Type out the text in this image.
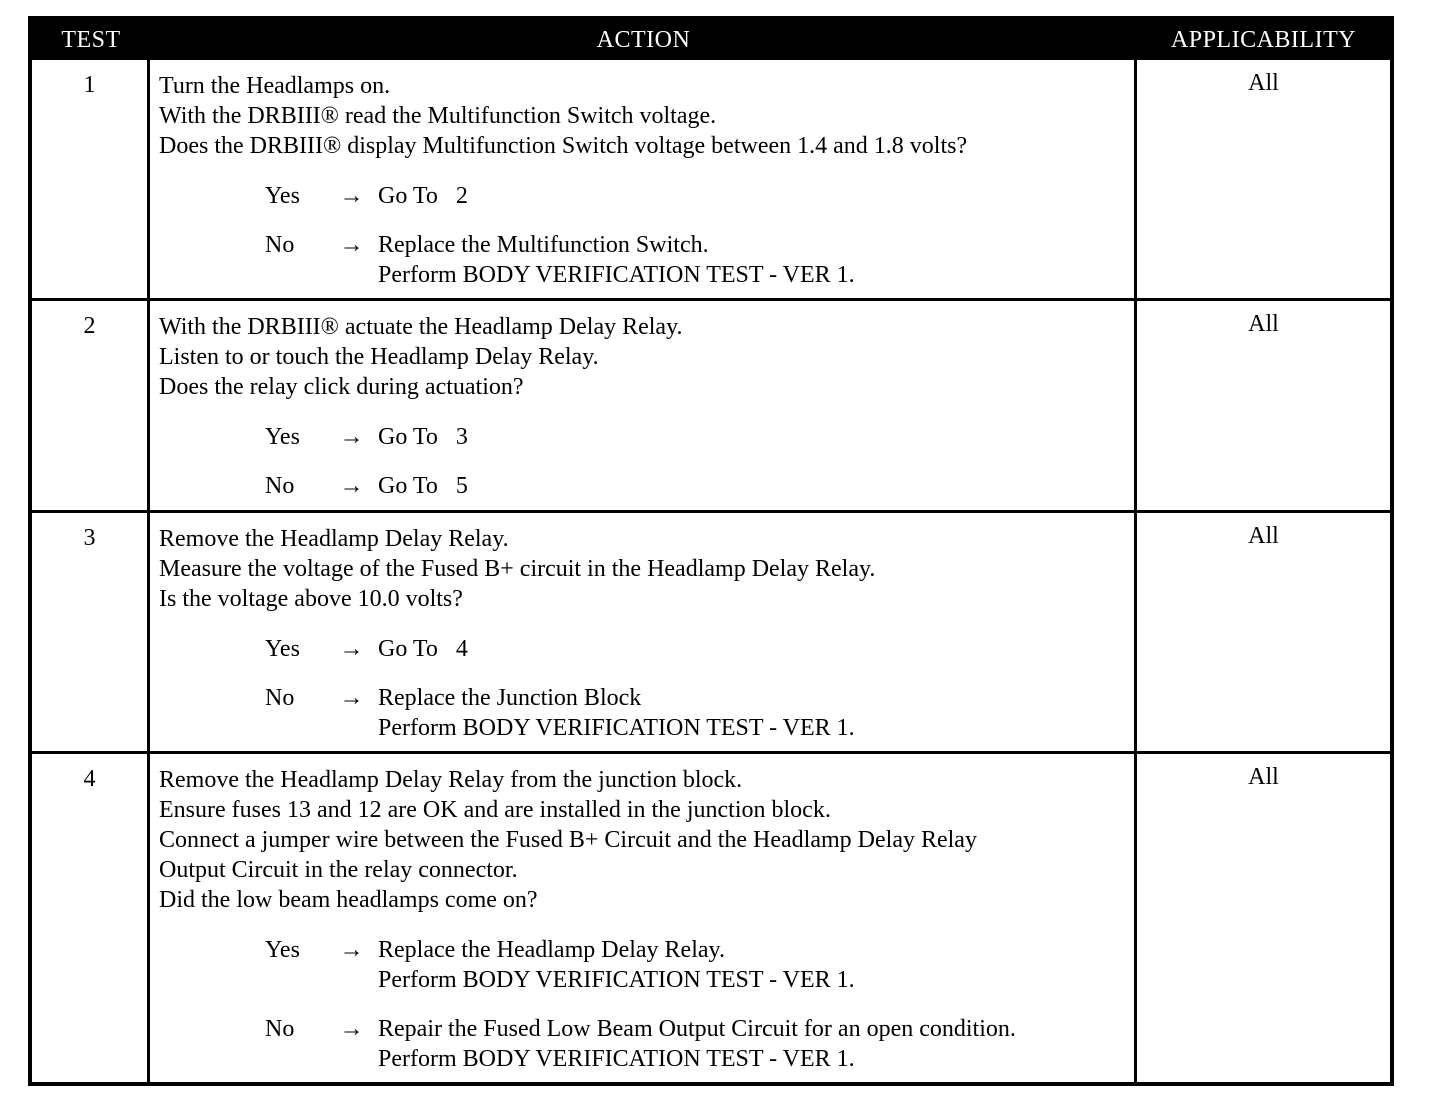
TEST	ACTION	APPLICABILITY
1	Turn the Headlamps on.
With the DRBIII® read the Multifunction Switch voltage.
Does the DRBIII® display Multifunction Switch voltage between 1.4 and 1.8 volts?
Yes	→ Go To   2
No	→ Replace the Multifunction Switch.
Perform BODY VERIFICATION TEST - VER 1.
All
2	With the DRBIII® actuate the Headlamp Delay Relay.
Listen to or touch the Headlamp Delay Relay.
Does the relay click during actuation?
Yes	→ Go To   3
No	→ Go To   5
All
3	Remove the Headlamp Delay Relay.
Measure the voltage of the Fused B+ circuit in the Headlamp Delay Relay.
Is the voltage above 10.0 volts?
Yes	→ Go To   4
No	→ Replace the Junction Block
Perform BODY VERIFICATION TEST - VER 1.
All
4	Remove the Headlamp Delay Relay from the junction block.
Ensure fuses 13 and 12 are OK and are installed in the junction block.
Connect a jumper wire between the Fused B+ Circuit and the Headlamp Delay Relay
Output Circuit in the relay connector.
Did the low beam headlamps come on?
Yes	→ Replace the Headlamp Delay Relay.
Perform BODY VERIFICATION TEST - VER 1.
No	→ Repair the Fused Low Beam Output Circuit for an open condition.
Perform BODY VERIFICATION TEST - VER 1.
All
